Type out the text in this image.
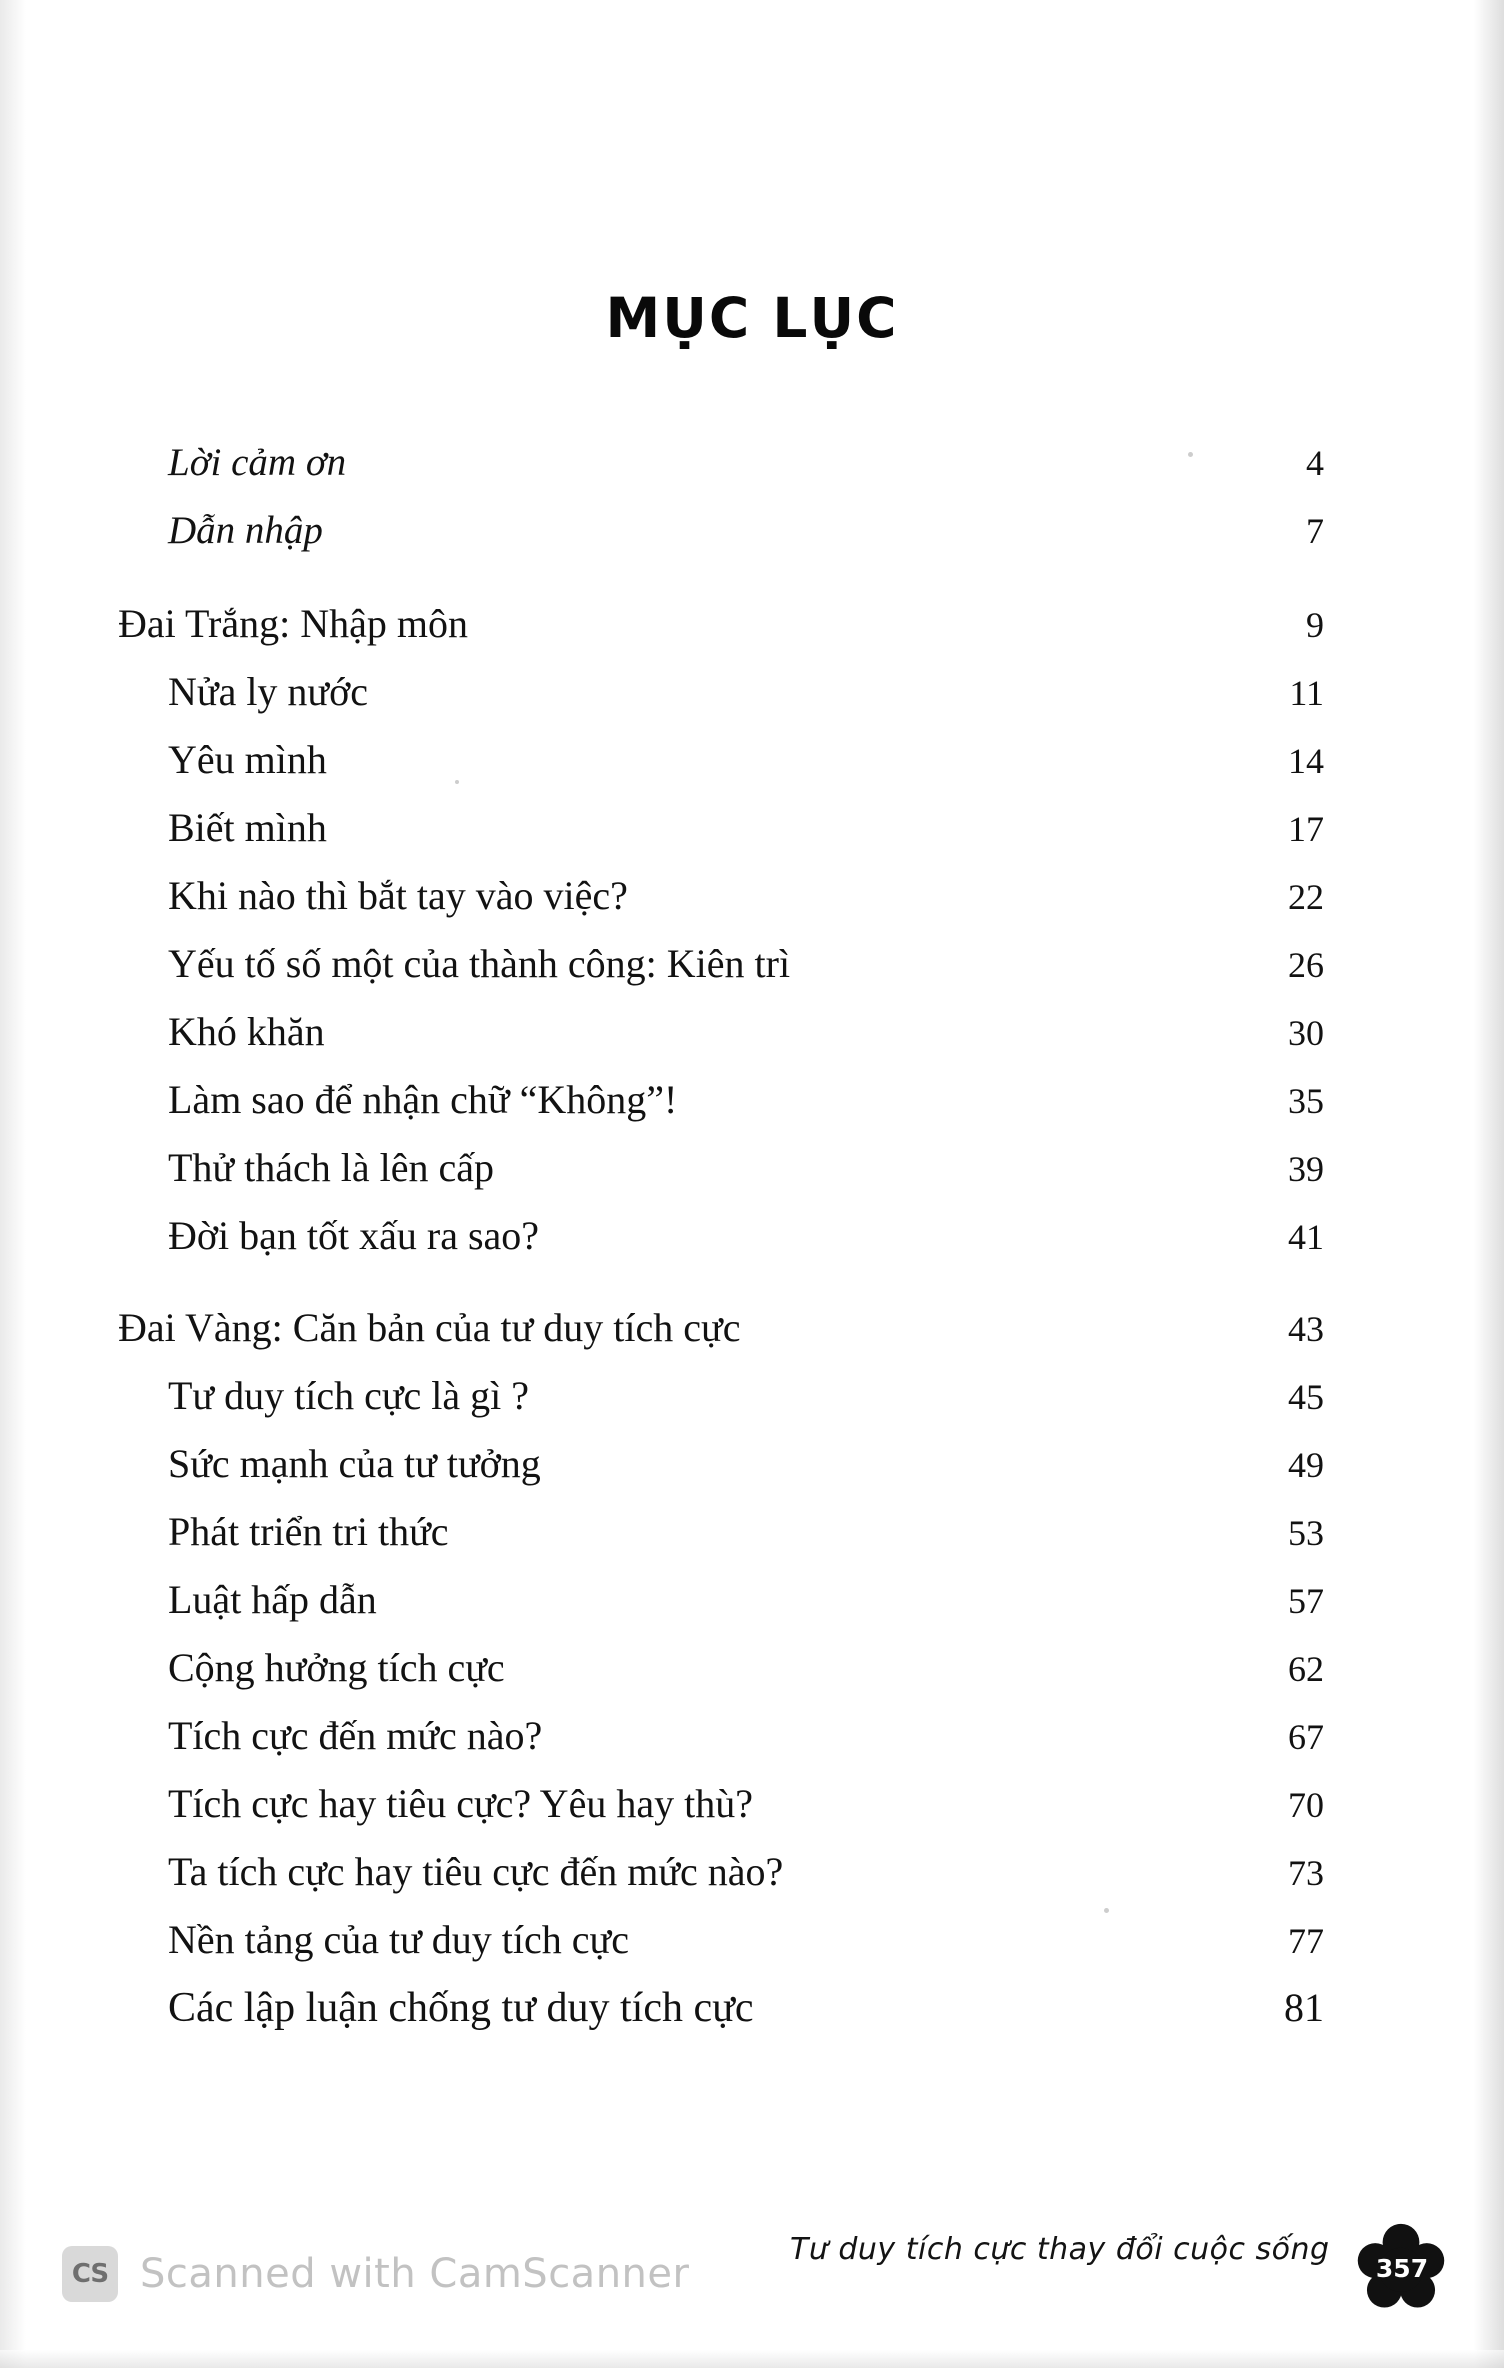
MỤC LỤC
Lời cảm ơn	4
Dẫn nhập	7
Đai Trắng: Nhập môn	9
Nửa ly nước	11
Yêu mình	14
Biết mình	17
Khi nào thì bắt tay vào việc?	22
Yếu tố số một của thành công: Kiên trì	26
Khó khăn	30
Làm sao để nhận chữ “Không”!	35
Thử thách là lên cấp	39
Đời bạn tốt xấu ra sao?	41
Đai Vàng: Căn bản của tư duy tích cực	43
Tư duy tích cực là gì ?	45
Sức mạnh của tư tưởng	49
Phát triển tri thức	53
Luật hấp dẫn	57
Cộng hưởng tích cực	62
Tích cực đến mức nào?	67
Tích cực hay tiêu cực? Yêu hay thù?	70
Ta tích cực hay tiêu cực đến mức nào?	73
Nền tảng của tư duy tích cực	77
Các lập luận chống tư duy tích cực	81
Tư duy tích cực thay đổi cuộc sống
357
CS Scanned with CamScanner
